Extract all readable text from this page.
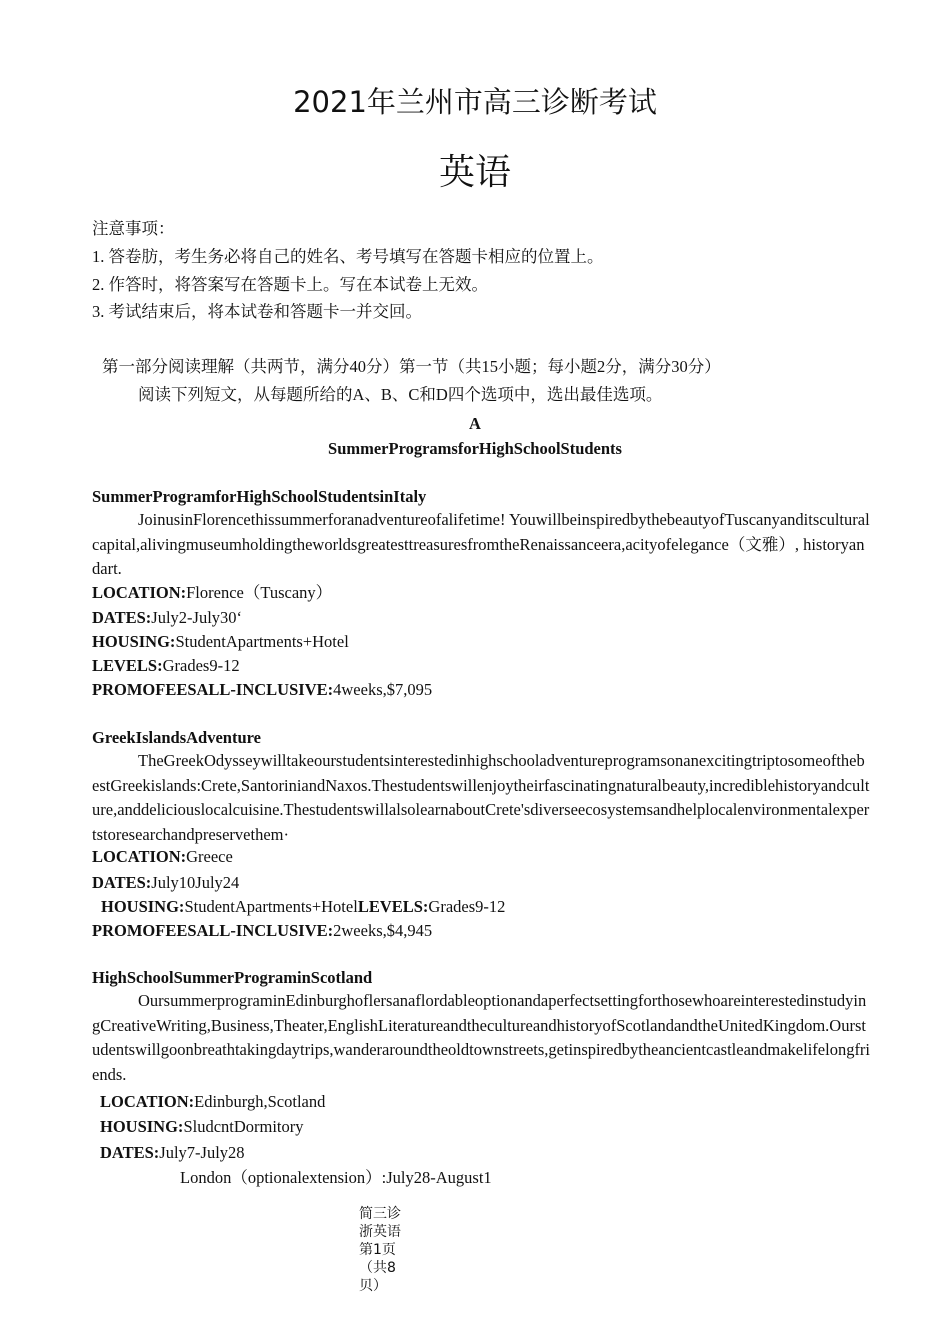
2021年兰州市高三诊断考试
英语
注意事项：
1. 答卷肪，考生务必将自己的姓名、考号填写在答题卡相应的位置上。
2. 作答时，将答案写在答题卡上。写在本试卷上无效。
3. 考试结束后，将本试卷和答题卡一并交回。
第一部分阅读理解（共两节，满分40分）第一节（共15小题；每小题2分，满分30分）
阅读下列短文，从每题所给的A、B、C和D四个选项中，选出最佳选项。
A
SummerProgramsforHighSchoolStudents
SummerProgramforHighSchoolStudentsinItaly
JoinusinFlorencethissummerforanadventureofalifetime! YouwillbeinspiredbythebeautyofTuscanyanditsculturalcapital,alivingmuseumholdingtheworldsgreatesttreasuresfromtheRenaissanceera,acityofelegance（文雅）, historyandart.
LOCATION:Florence（Tuscany）
DATES:July2-July30‘
HOUSING:StudentApartments+Hotel
LEVELS:Grades9-12
PROMOFEESALL-INCLUSIVE:4weeks,$7,095
GreekIslandsAdventure
TheGreekOdysseywilltakeourstudentsinterestedinhighschooladventureprogramsonanexcitingtriptosomeofthebestGreekislands:Crete,SantoriniandNaxos.Thestudentswillenjoytheirfascinatingnaturalbeauty,incrediblehistoryandculture,anddeliciouslocalcuisine.ThestudentswillalsolearnaboutCrete'sdiverseecosystemsandhelplocalenvironmentalexpertstoresearchandpreservethem·
LOCATION:Greece
DATES:July10July24
HOUSING:StudentApartments+HotelLEVELS:Grades9-12
PROMOFEESALL-INCLUSIVE:2weeks,$4,945
HighSchoolSummerPrograminScotland
OursummerprograminEdinburghoflersanaflordableoptionandaperfectsettingforthosewhoareinterestedinstudyingCreativeWriting,Business,Theater,EnglishLiteratureandthecultureandhistoryofScotlandandtheUnitedKingdom.Ourstudentswillgoonbreathtakingdaytrips,wanderaroundtheoldtownstreets,getinspiredbytheancientcastleandmakelifelongfriends.
LOCATION:Edinburgh,Scotland
HOUSING:SludcntDormitory
DATES:July7-July28
London（optionalextension）:July28-August1
简三诊浙英语第1页（共8贝）
